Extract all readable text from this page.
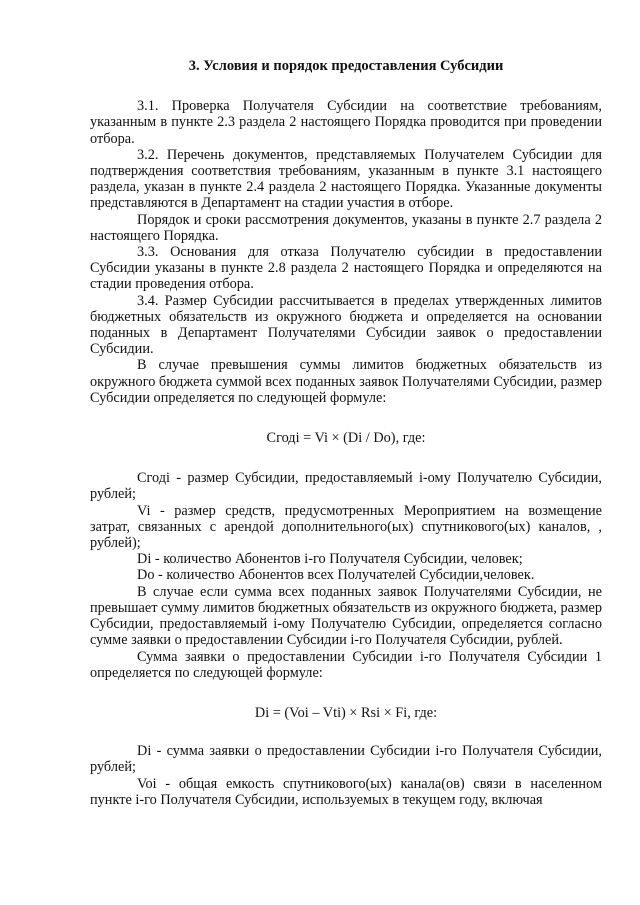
3. Условия и порядок предоставления Субсидии

3.1. Проверка Получателя Субсидии на соответствие требованиям, указанным в пункте 2.3 раздела 2 настоящего Порядка проводится при проведении отбора.

3.2. Перечень документов, представляемых Получателем Субсидии для подтверждения соответствия требованиям, указанным в пункте 3.1 настоящего раздела, указан в пункте 2.4 раздела 2 настоящего Порядка. Указанные документы представляются в Департамент на стадии участия в отборе.

Порядок и сроки рассмотрения документов, указаны в пункте 2.7 раздела 2 настоящего Порядка.

3.3. Основания для отказа Получателю субсидии в предоставлении Субсидии указаны в пункте 2.8 раздела 2 настоящего Порядка и определяются на стадии проведения отбора.

3.4. Размер Субсидии рассчитывается в пределах утвержденных лимитов бюджетных обязательств из окружного бюджета и определяется на основании поданных в Департамент Получателями Субсидии заявок о предоставлении Субсидии.

В случае превышения суммы лимитов бюджетных обязательств из окружного бюджета суммой всех поданных заявок Получателями Субсидии, размер Субсидии определяется по следующей формуле:

Cгодi = Vi × (Di / Do), где:

Cгодi - размер Субсидии, предоставляемый i-ому Получателю Субсидии, рублей;

Vi - размер средств, предусмотренных Мероприятием на возмещение затрат, связанных с арендой дополнительного(ых) спутникового(ых) каналов, , рублей);

Di - количество Абонентов i-го Получателя Субсидии, человек;

Do - количество Абонентов всех Получателей Субсидии,человек.

В случае если сумма всех поданных заявок Получателями Субсидии, не превышает сумму лимитов бюджетных обязательств из окружного бюджета, размер Субсидии, предоставляемый i-ому Получателю Субсидии, определяется согласно сумме заявки о предоставлении Субсидии i-го Получателя Субсидии, рублей.

Сумма заявки о предоставлении Субсидии i-го Получателя Субсидии 1 определяется по следующей формуле:

Di = (Voi – Vti) × Rsi × Fi, где:

Di - сумма заявки о предоставлении Субсидии i-го Получателя Субсидии, рублей;

Voi - общая емкость спутникового(ых) канала(ов) связи в населенном пункте i-го Получателя Субсидии, используемых в текущем году, включая
